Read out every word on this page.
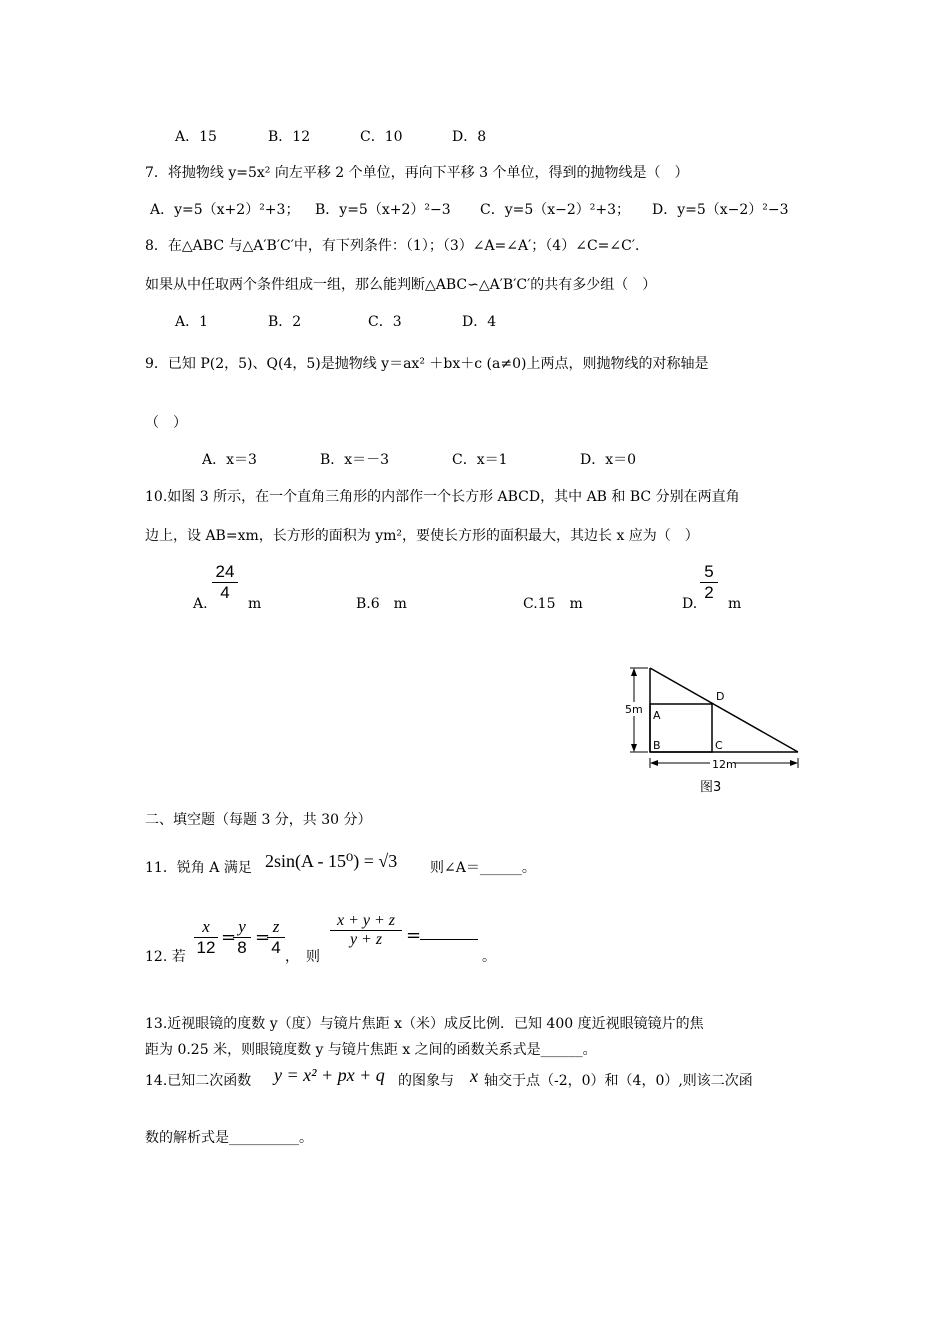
A．15	B．12	C．10	D．8
7．将抛物线 y=5x² 向左平移 2 个单位，再向下平移 3 个单位，得到的抛物线是（　）
A．y=5（x+2）²+3； B．y=5（x+2）²−3 C．y=5（x−2）²+3； D．y=5（x−2）²−3
8．在△ABC 与△A′B′C′中，有下列条件：（1）；（3）∠A=∠A′；（4）∠C=∠C′．
如果从中任取两个条件组成一组，那么能判断△ABC∽△A′B′C′的共有多少组（　）
A．1	B．2	C．3	D．4
9．已知 P(2，5)、Q(4，5)是抛物线 y＝ax² ＋bx＋c (a≠0)上两点，则抛物线的对称轴是
（　）
A．x＝3	B．x＝－3	C．x＝1	D．x＝0
10.如图 3 所示，在一个直角三角形的内部作一个长方形 ABCD，其中 AB 和 BC 分别在两直角
边上，设 AB=xm，长方形的面积为 ym²，要使长方形的面积最大，其边长 x 应为（　）
A.
24
4
m	B.6　m	C.15　m	D.
5
2
m
5m
12m
A
B	C
D
图3
二、填空题（每题 3 分，共 30 分）
11．锐角 A 满足 2sin(A - 15⁰) = √3 则∠A＝______。
12. 若
x
12 =
y
8 =
z
4 ，　则
x + y + z
y + z	=
。
13.近视眼镜的度数 y（度）与镜片焦距 x（米）成反比例．已知 400 度近视眼镜镜片的焦
距为 0.25 米，则眼镜度数 y 与镜片焦距 x 之间的函数关系式是______。
14.已知二次函数 y = x² + px + q 的图象与 x 轴交于点（-2，0）和（4，0）,则该二次函
数的解析式是__________。
